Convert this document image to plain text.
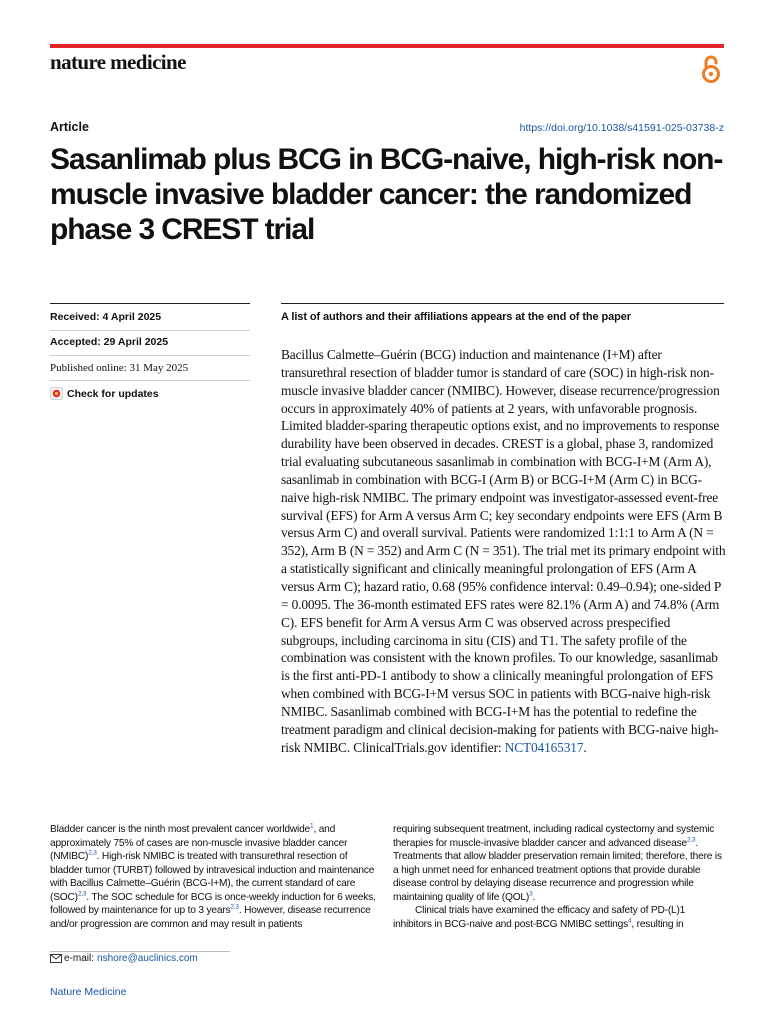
nature medicine
Article	https://doi.org/10.1038/s41591-025-03738-z
Sasanlimab plus BCG in BCG-naive, high-risk non-muscle invasive bladder cancer: the randomized phase 3 CREST trial
Received: 4 April 2025
Accepted: 29 April 2025
Published online: 31 May 2025
Check for updates
A list of authors and their affiliations appears at the end of the paper

Bacillus Calmette–Guérin (BCG) induction and maintenance (I+M) after transurethral resection of bladder tumor is standard of care (SOC) in high-risk non-muscle invasive bladder cancer (NMIBC). However, disease recurrence/progression occurs in approximately 40% of patients at 2 years, with unfavorable prognosis. Limited bladder-sparing therapeutic options exist, and no improvements to response durability have been observed in decades. CREST is a global, phase 3, randomized trial evaluating subcutaneous sasanlimab in combination with BCG-I+M (Arm A), sasanlimab in combination with BCG-I (Arm B) or BCG-I+M (Arm C) in BCG-naive high-risk NMIBC. The primary endpoint was investigator-assessed event-free survival (EFS) for Arm A versus Arm C; key secondary endpoints were EFS (Arm B versus Arm C) and overall survival. Patients were randomized 1:1:1 to Arm A (N = 352), Arm B (N = 352) and Arm C (N = 351). The trial met its primary endpoint with a statistically significant and clinically meaningful prolongation of EFS (Arm A versus Arm C); hazard ratio, 0.68 (95% confidence interval: 0.49–0.94); one-sided P = 0.0095. The 36-month estimated EFS rates were 82.1% (Arm A) and 74.8% (Arm C). EFS benefit for Arm A versus Arm C was observed across prespecified subgroups, including carcinoma in situ (CIS) and T1. The safety profile of the combination was consistent with the known profiles. To our knowledge, sasanlimab is the first anti-PD-1 antibody to show a clinically meaningful prolongation of EFS when combined with BCG-I+M versus SOC in patients with BCG-naive high-risk NMIBC. Sasanlimab combined with BCG-I+M has the potential to redefine the treatment paradigm and clinical decision-making for patients with BCG-naive high-risk NMIBC. ClinicalTrials.gov identifier: NCT04165317.

Bladder cancer is the ninth most prevalent cancer worldwide$^1$, and approximately 75% of cases are non-muscle invasive bladder cancer (NMIBC)$^{2,3}$. High-risk NMIBC is treated with transurethral resection of bladder tumor (TURBT) followed by intravesical induction and maintenance with Bacillus Calmette–Guérin (BCG-I+M), the current standard of care (SOC)$^{2,3}$. The SOC schedule for BCG is once-weekly induction for 6 weeks, followed by maintenance for up to 3 years$^{2,3}$. However, disease recurrence and/or progression are common and may result in patients

requiring subsequent treatment, including radical cystectomy and systemic therapies for muscle-invasive bladder cancer and advanced disease$^{2,3}$. Treatments that allow bladder preservation remain limited; therefore, there is a high unmet need for enhanced treatment options that provide durable disease control by delaying disease recurrence and progression while maintaining quality of life (QOL)$^3$.
Clinical trials have examined the efficacy and safety of PD-(L)1 inhibitors in BCG-naive and post-BCG NMIBC settings$^4$, resulting in

e-mail: nshore@auclinics.com
Nature Medicine
